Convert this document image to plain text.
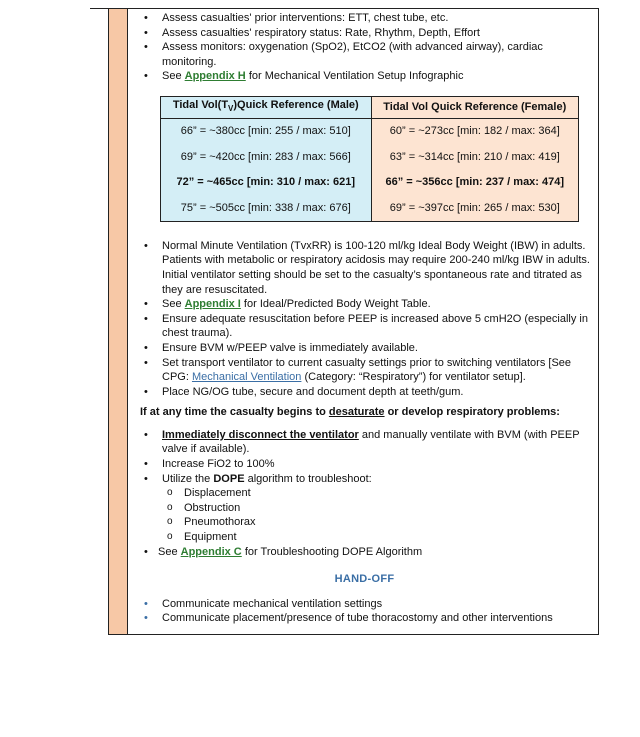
• Assess casualties' prior interventions: ETT, chest tube, etc.
• Assess casualties' respiratory status: Rate, Rhythm, Depth, Effort
• Assess monitors: oxygenation (SpO2), EtCO2 (with advanced airway), cardiac monitoring.
• See Appendix H for Mechanical Ventilation Setup Infographic
Tidal $Vol(T_V)Quick$ Reference (Male)	Tidal Vol Quick Reference (Female)
66” = ~380cc [min: 255 / max: 510]	60” = ~273cc [min: 182 / max: 364]
69” = ~420cc [min: 283 / max: 566]	63” = ~314cc [min: 210 / max: 419]
72” = ~465cc [min: 310 / max: 621]	66” = ~356cc [min: 237 / max: 474]
75” = ~505cc [min: 338 / max: 676]	69” = ~397cc [min: 265 / max: 530]
• Normal Minute Ventilation (TvxRR) is 100-120 ml/kg Ideal Body Weight (IBW) in adults. Patients with metabolic or respiratory acidosis may require 200-240 ml/kg IBW in adults. Initial ventilator setting should be set to the casualty’s spontaneous rate and titrated as they are resuscitated.
• See Appendix I for Ideal/Predicted Body Weight Table.
• Ensure adequate resuscitation before PEEP is increased above 5 cmH2O (especially in chest trauma).
• Ensure BVM w/PEEP valve is immediately available.
• Set transport ventilator to current casualty settings prior to switching ventilators [See CPG: Mechanical Ventilation (Category: “Respiratory”) for ventilator setup].
• Place NG/OG tube, secure and document depth at teeth/gum.
If at any time the casualty begins to desaturate or develop respiratory problems:
• Immediately disconnect the ventilator and manually ventilate with BVM (with PEEP valve if available).
• Increase FiO2 to 100%
• Utilize the DOPE algorithm to troubleshoot:
o Displacement
o Obstruction
o Pneumothorax
o Equipment
• See Appendix C for Troubleshooting DOPE Algorithm
HAND-OFF
• Communicate mechanical ventilation settings
• Communicate placement/presence of tube thoracostomy and other interventions
